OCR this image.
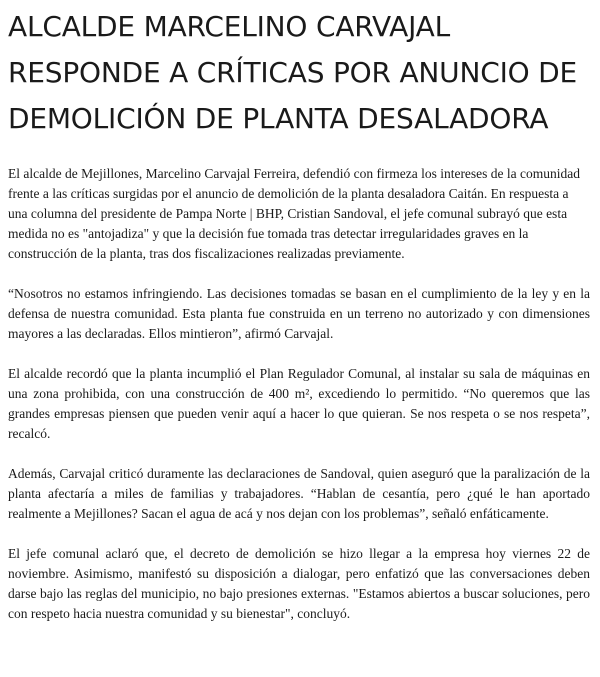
ALCALDE MARCELINO CARVAJAL RESPONDE A CRÍTICAS POR ANUNCIO DE DEMOLICIÓN DE PLANTA DESALADORA

El alcalde de Mejillones, Marcelino Carvajal Ferreira, defendió con firmeza los intereses de la comunidad frente a las críticas surgidas por el anuncio de demolición de la planta desaladora Caitán. En respuesta a una columna del presidente de Pampa Norte | BHP, Cristian Sandoval, el jefe comunal subrayó que esta medida no es "antojadiza" y que la decisión fue tomada tras detectar irregularidades graves en la construcción de la planta, tras dos fiscalizaciones realizadas previamente.

“Nosotros no estamos infringiendo. Las decisiones tomadas se basan en el cumplimiento de la ley y en la defensa de nuestra comunidad. Esta planta fue construida en un terreno no autorizado y con dimensiones mayores a las declaradas. Ellos mintieron”, afirmó Carvajal.

El alcalde recordó que la planta incumplió el Plan Regulador Comunal, al instalar su sala de máquinas en una zona prohibida, con una construcción de 400 m², excediendo lo permitido. “No queremos que las grandes empresas piensen que pueden venir aquí a hacer lo que quieran. Se nos respeta o se nos respeta”, recalcó.

Además, Carvajal criticó duramente las declaraciones de Sandoval, quien aseguró que la paralización de la planta afectaría a miles de familias y trabajadores. “Hablan de cesantía, pero ¿qué le han aportado realmente a Mejillones? Sacan el agua de acá y nos dejan con los problemas”, señaló enfáticamente.

El jefe comunal aclaró que, el decreto de demolición se hizo llegar a la empresa hoy viernes 22 de noviembre. Asimismo, manifestó su disposición a dialogar, pero enfatizó que las conversaciones deben darse bajo las reglas del municipio, no bajo presiones externas. "Estamos abiertos a buscar soluciones, pero con respeto hacia nuestra comunidad y su bienestar", concluyó.
